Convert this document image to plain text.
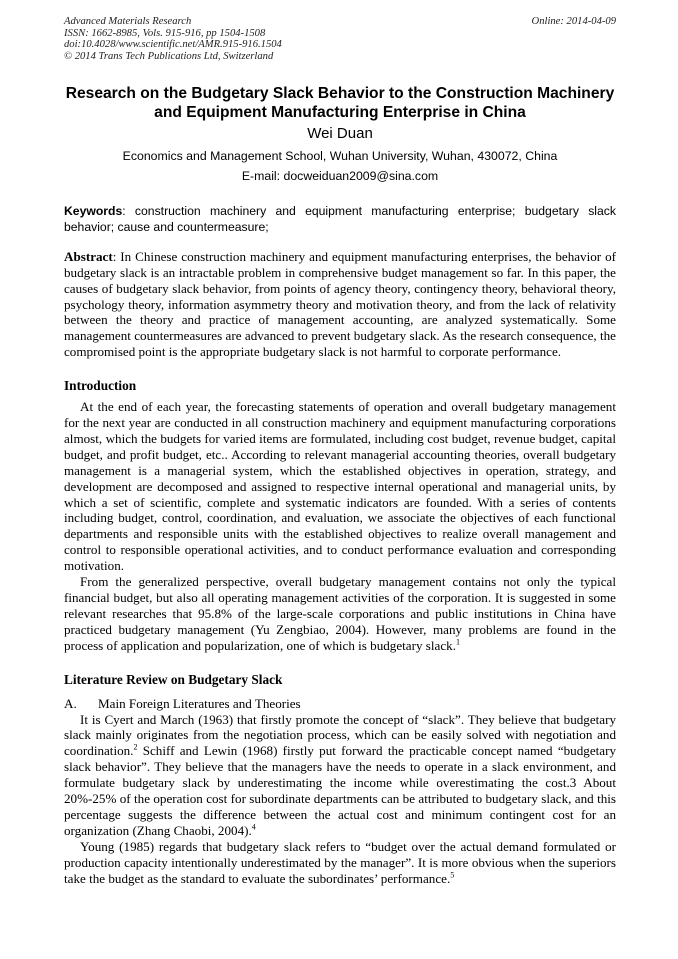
Advanced Materials Research
ISSN: 1662-8985, Vols. 915-916, pp 1504-1508
doi:10.4028/www.scientific.net/AMR.915-916.1504
© 2014 Trans Tech Publications Ltd, Switzerland
Online: 2014-04-09
Research on the Budgetary Slack Behavior to the Construction Machinery and Equipment Manufacturing Enterprise in China
Wei Duan
Economics and Management School, Wuhan University, Wuhan, 430072, China
E-mail: docweiduan2009@sina.com
Keywords: construction machinery and equipment manufacturing enterprise; budgetary slack behavior; cause and countermeasure;
Abstract: In Chinese construction machinery and equipment manufacturing enterprises, the behavior of budgetary slack is an intractable problem in comprehensive budget management so far. In this paper, the causes of budgetary slack behavior, from points of agency theory, contingency theory, behavioral theory, psychology theory, information asymmetry theory and motivation theory, and from the lack of relativity between the theory and practice of management accounting, are analyzed systematically. Some management countermeasures are advanced to prevent budgetary slack. As the research consequence, the compromised point is the appropriate budgetary slack is not harmful to corporate performance.
Introduction

At the end of each year, the forecasting statements of operation and overall budgetary management for the next year are conducted in all construction machinery and equipment manufacturing corporations almost, which the budgets for varied items are formulated, including cost budget, revenue budget, capital budget, and profit budget, etc.. According to relevant managerial accounting theories, overall budgetary management is a managerial system, which the established objectives in operation, strategy, and development are decomposed and assigned to respective internal operational and managerial units, by which a set of scientific, complete and systematic indicators are founded. With a series of contents including budget, control, coordination, and evaluation, we associate the objectives of each functional departments and responsible units with the established objectives to realize overall management and control to responsible operational activities, and to conduct performance evaluation and corresponding motivation.

From the generalized perspective, overall budgetary management contains not only the typical financial budget, but also all operating management activities of the corporation. It is suggested in some relevant researches that 95.8% of the large-scale corporations and public institutions in China have practiced budgetary management (Yu Zengbiao, 2004). However, many problems are found in the process of application and popularization, one of which is budgetary slack.$^1$

Literature Review on Budgetary Slack
A. Main Foreign Literatures and Theories

It is Cyert and March (1963) that firstly promote the concept of “slack”. They believe that budgetary slack mainly originates from the negotiation process, which can be easily solved with negotiation and coordination.$^2$ Schiff and Lewin (1968) firstly put forward the practicable concept named “budgetary slack behavior”. They believe that the managers have the needs to operate in a slack environment, and formulate budgetary slack by underestimating the income while overestimating the cost.3 About 20%-25% of the operation cost for subordinate departments can be attributed to budgetary slack, and this percentage suggests the difference between the actual cost and minimum contingent cost for an organization (Zhang Chaobi, 2004).$^4$

Young (1985) regards that budgetary slack refers to “budget over the actual demand formulated or production capacity intentionally underestimated by the manager”. It is more obvious when the superiors take the budget as the standard to evaluate the subordinates’ performance.$^5$
